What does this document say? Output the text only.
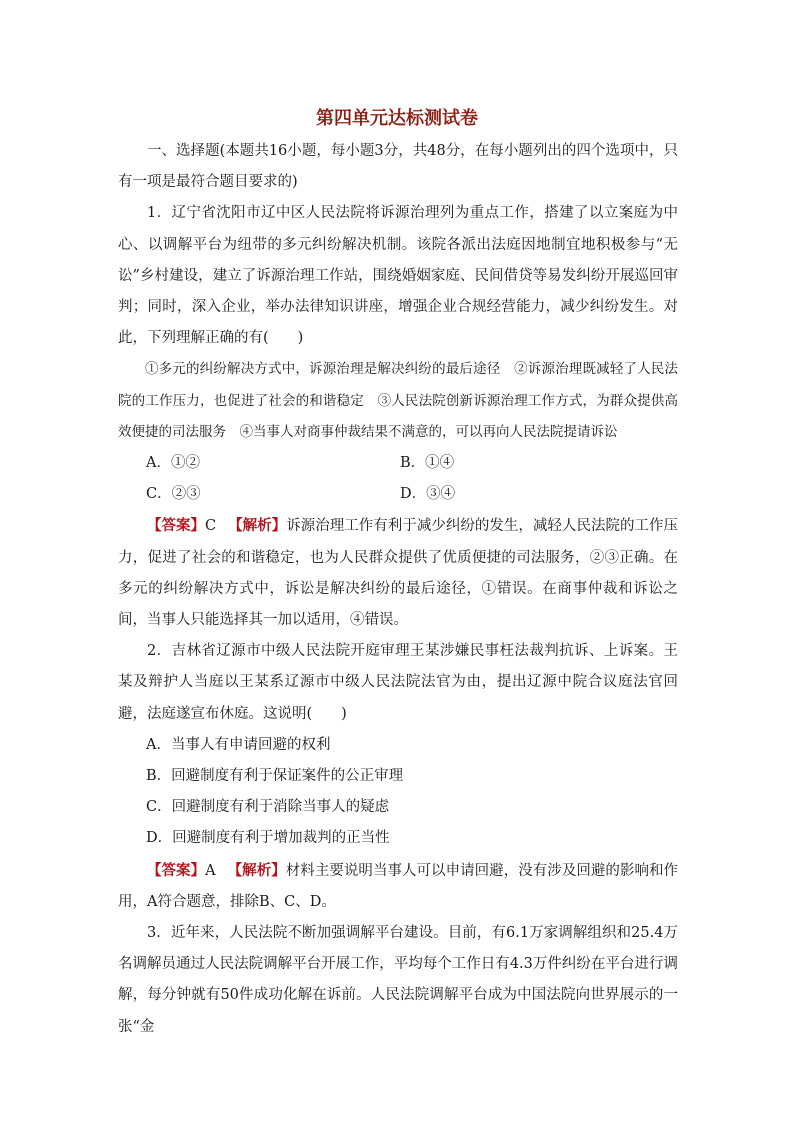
第四单元达标测试卷

一、选择题(本题共16小题，每小题3分，共48分，在每小题列出的四个选项中，只有一项是最符合题目要求的)

1．辽宁省沈阳市辽中区人民法院将诉源治理列为重点工作，搭建了以立案庭为中心、以调解平台为纽带的多元纠纷解决机制。该院各派出法庭因地制宜地积极参与“无讼”乡村建设，建立了诉源治理工作站，围绕婚姻家庭、民间借贷等易发纠纷开展巡回审判；同时，深入企业，举办法律知识讲座，增强企业合规经营能力，减少纠纷发生。对此，下列理解正确的有(　　)

①多元的纠纷解决方式中，诉源治理是解决纠纷的最后途径　②诉源治理既减轻了人民法院的工作压力，也促进了社会的和谐稳定　③人民法院创新诉源治理工作方式，为群众提供高效便捷的司法服务　④当事人对商事仲裁结果不满意的，可以再向人民法院提请诉讼

A．①②	B．①④
C．②③	D．③④

【答案】C 【解析】诉源治理工作有利于减少纠纷的发生，减轻人民法院的工作压力，促进了社会的和谐稳定，也为人民群众提供了优质便捷的司法服务，②③正确。在多元的纠纷解决方式中，诉讼是解决纠纷的最后途径，①错误。在商事仲裁和诉讼之间，当事人只能选择其一加以适用，④错误。

2．吉林省辽源市中级人民法院开庭审理王某涉嫌民事枉法裁判抗诉、上诉案。王某及辩护人当庭以王某系辽源市中级人民法院法官为由，提出辽源中院合议庭法官回避，法庭遂宣布休庭。这说明(　　)

A．当事人有申请回避的权利

B．回避制度有利于保证案件的公正审理

C．回避制度有利于消除当事人的疑虑

D．回避制度有利于增加裁判的正当性

【答案】A 【解析】材料主要说明当事人可以申请回避，没有涉及回避的影响和作用，A符合题意，排除B、C、D。

3．近年来，人民法院不断加强调解平台建设。目前，有6.1万家调解组织和25.4万名调解员通过人民法院调解平台开展工作，平均每个工作日有4.3万件纠纷在平台进行调解，每分钟就有50件成功化解在诉前。人民法院调解平台成为中国法院向世界展示的一张“金
